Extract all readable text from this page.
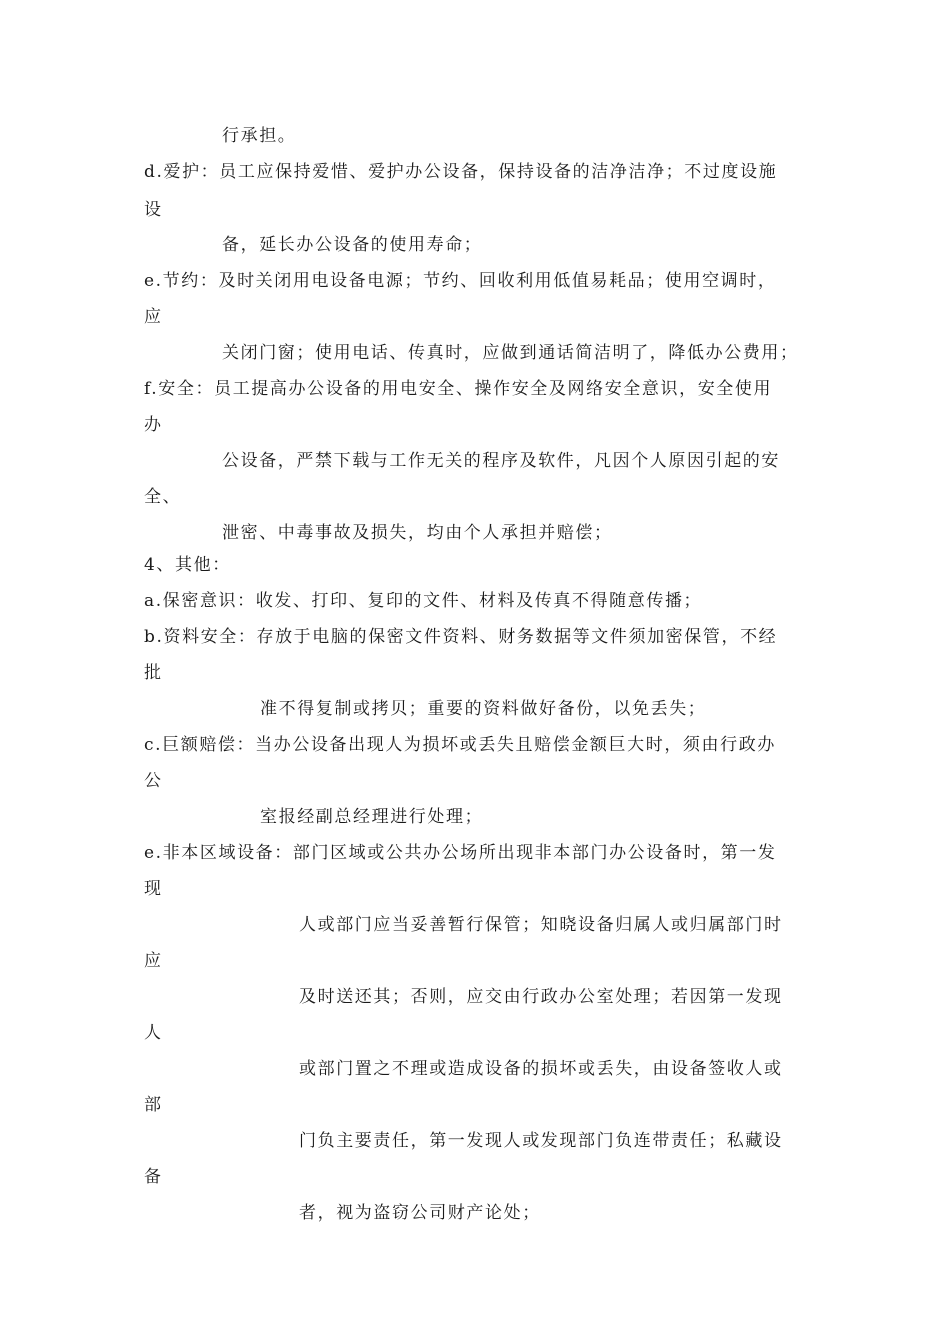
行承担。
d.爱护：员工应保持爱惜、爱护办公设备，保持设备的洁净洁净；不过度设施
设
备，延长办公设备的使用寿命；
e.节约：及时关闭用电设备电源；节约、回收利用低值易耗品；使用空调时，
应
关闭门窗；使用电话、传真时，应做到通话简洁明了，降低办公费用；
f.安全：员工提高办公设备的用电安全、操作安全及网络安全意识，安全使用
办
公设备，严禁下载与工作无关的程序及软件，凡因个人原因引起的安
全、
泄密、中毒事故及损失，均由个人承担并赔偿；
4、其他：
a.保密意识：收发、打印、复印的文件、材料及传真不得随意传播；
b.资料安全：存放于电脑的保密文件资料、财务数据等文件须加密保管，不经
批
准不得复制或拷贝；重要的资料做好备份，以免丢失；
c.巨额赔偿：当办公设备出现人为损坏或丢失且赔偿金额巨大时，须由行政办
公
室报经副总经理进行处理；
e.非本区域设备：部门区域或公共办公场所出现非本部门办公设备时，第一发
现
人或部门应当妥善暂行保管；知晓设备归属人或归属部门时
应
及时送还其；否则，应交由行政办公室处理；若因第一发现
人
或部门置之不理或造成设备的损坏或丢失，由设备签收人或
部
门负主要责任，第一发现人或发现部门负连带责任；私藏设
备
者，视为盗窃公司财产论处；
